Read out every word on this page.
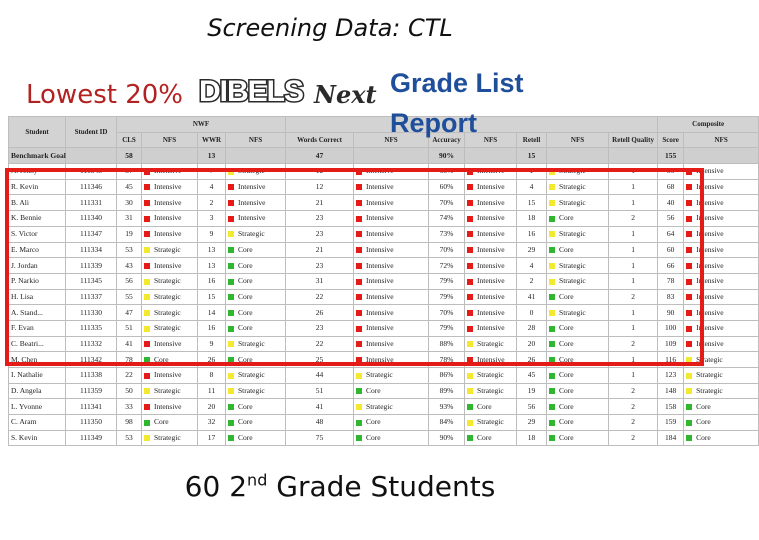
Screening Data: CTL
Lowest 20% DIBELS Next Grade List
Report
Student	Student ID	NWF											Composite	
		CLS	NFS	WWR	NFS	Words Correct	NFS	Accuracy	NFS	Retell	NFS	Retell Quality	Score	NFS
Benchmark Goal		58		13		47		90%		15			155	
A. Jenny	111348	37	Intensive	7	Strategic	12	Intensive	63%	Intensive	1	Strategic	1	56	Intensive
R. Kevin	111346	45	Intensive	4	Intensive	12	Intensive	60%	Intensive	4	Strategic	1	68	Intensive
B. Ali	111331	30	Intensive	2	Intensive	21	Intensive	70%	Intensive	15	Strategic	1	40	Intensive
K. Bennie	111340	31	Intensive	3	Intensive	23	Intensive	74%	Intensive	18	Core	2	56	Intensive
S. Victor	111347	19	Intensive	9	Strategic	23	Intensive	73%	Intensive	16	Strategic	1	64	Intensive
E. Marco	111334	53	Strategic	13	Core	21	Intensive	70%	Intensive	29	Core	1	60	Intensive
J. Jordan	111339	43	Intensive	13	Core	23	Intensive	72%	Intensive	4	Strategic	1	66	Intensive
P. Narkio	111345	56	Strategic	16	Core	31	Intensive	79%	Intensive	2	Strategic	1	78	Intensive
H. Lisa	111337	55	Strategic	15	Core	22	Intensive	79%	Intensive	41	Core	2	83	Intensive
A. Stand...	111330	47	Strategic	14	Core	26	Intensive	70%	Intensive	0	Strategic	1	90	Intensive
F. Evan	111335	51	Strategic	16	Core	23	Intensive	79%	Intensive	28	Core	1	100	Intensive
C. Beatri...	111332	41	Intensive	9	Strategic	22	Intensive	88%	Strategic	20	Core	2	109	Intensive
M. Chen	111342	78	Core	26	Core	25	Intensive	78%	Intensive	26	Core	1	116	Strategic
I. Nathalie	111338	22	Intensive	8	Strategic	44	Strategic	86%	Strategic	45	Core	1	123	Strategic
D. Angela	111359	50	Strategic	11	Strategic	51	Core	89%	Strategic	19	Core	2	148	Strategic
L. Yvonne	111341	33	Intensive	20	Core	41	Strategic	93%	Core	56	Core	2	158	Core
C. Aram	111350	98	Core	32	Core	48	Core	84%	Strategic	29	Core	2	159	Core
S. Kevin	111349	53	Strategic	17	Core	75	Core	90%	Core	18	Core	2	184	Core
60 2nd Grade Students
